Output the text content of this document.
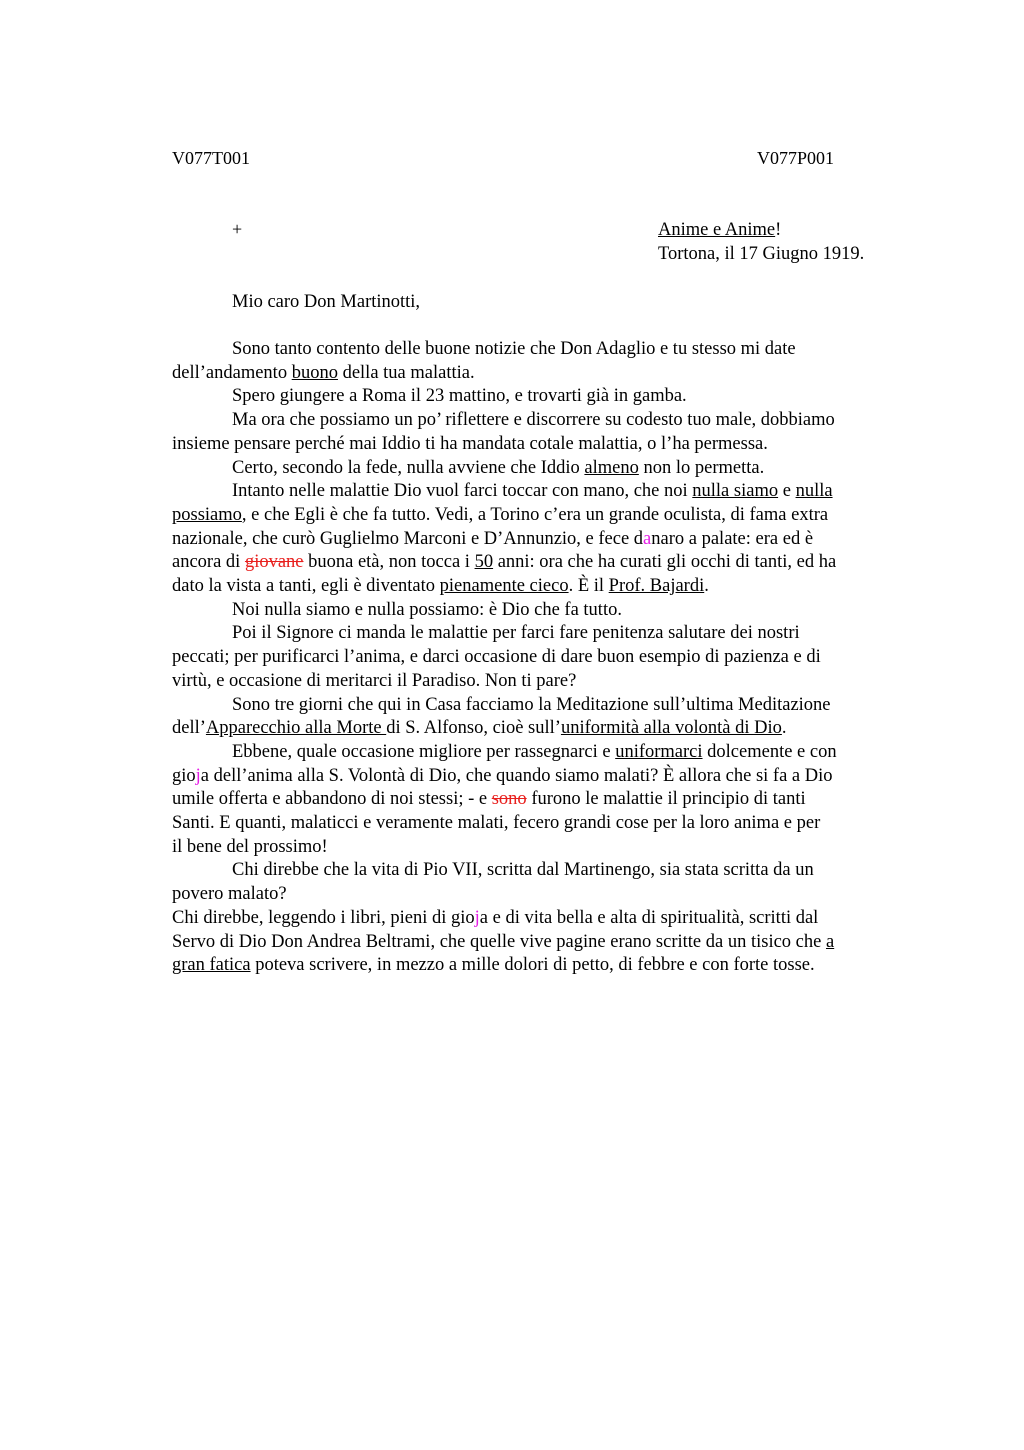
V077T001	V077P001
+	Anime e Anime!
Tortona, il 17 Giugno 1919.
Mio caro Don Martinotti,
Sono tanto contento delle buone notizie che Don Adaglio e tu stesso mi date
dell’andamento buono della tua malattia.
Spero giungere a Roma il 23 mattino, e trovarti già in gamba.
Ma ora che possiamo un po’ riflettere e discorrere su codesto tuo male, dobbiamo
insieme pensare perché mai Iddio ti ha mandata cotale malattia, o l’ha permessa.
Certo, secondo la fede, nulla avviene che Iddio almeno non lo permetta.
Intanto nelle malattie Dio vuol farci toccar con mano, che noi nulla siamo e nulla
possiamo, e che Egli è che fa tutto. Vedi, a Torino c’era un grande oculista, di fama extra
nazionale, che curò Guglielmo Marconi e D’Annunzio, e fece danaro a palate: era ed è
ancora di giovane buona età, non tocca i 50 anni: ora che ha curati gli occhi di tanti, ed ha
dato la vista a tanti, egli è diventato pienamente cieco. È il Prof. Bajardi.
Noi nulla siamo e nulla possiamo: è Dio che fa tutto.
Poi il Signore ci manda le malattie per farci fare penitenza salutare dei nostri
peccati; per purificarci l’anima, e darci occasione di dare buon esempio di pazienza e di
virtù, e occasione di meritarci il Paradiso. Non ti pare?
Sono tre giorni che qui in Casa facciamo la Meditazione sull’ultima Meditazione
dell’Apparecchio alla Morte di S. Alfonso, cioè sull’uniformità alla volontà di Dio.
Ebbene, quale occasione migliore per rassegnarci e uniformarci dolcemente e con
gioja dell’anima alla S. Volontà di Dio, che quando siamo malati? È allora che si fa a Dio
umile offerta e abbandono di noi stessi; - e sono furono le malattie il principio di tanti
Santi. E quanti, malaticci e veramente malati, fecero grandi cose per la loro anima e per
il bene del prossimo!
Chi direbbe che la vita di Pio VII, scritta dal Martinengo, sia stata scritta da un
povero malato?
Chi direbbe, leggendo i libri, pieni di gioja e di vita bella e alta di spiritualità, scritti dal
Servo di Dio Don Andrea Beltrami, che quelle vive pagine erano scritte da un tisico che a
gran fatica poteva scrivere, in mezzo a mille dolori di petto, di febbre e con forte tosse.
